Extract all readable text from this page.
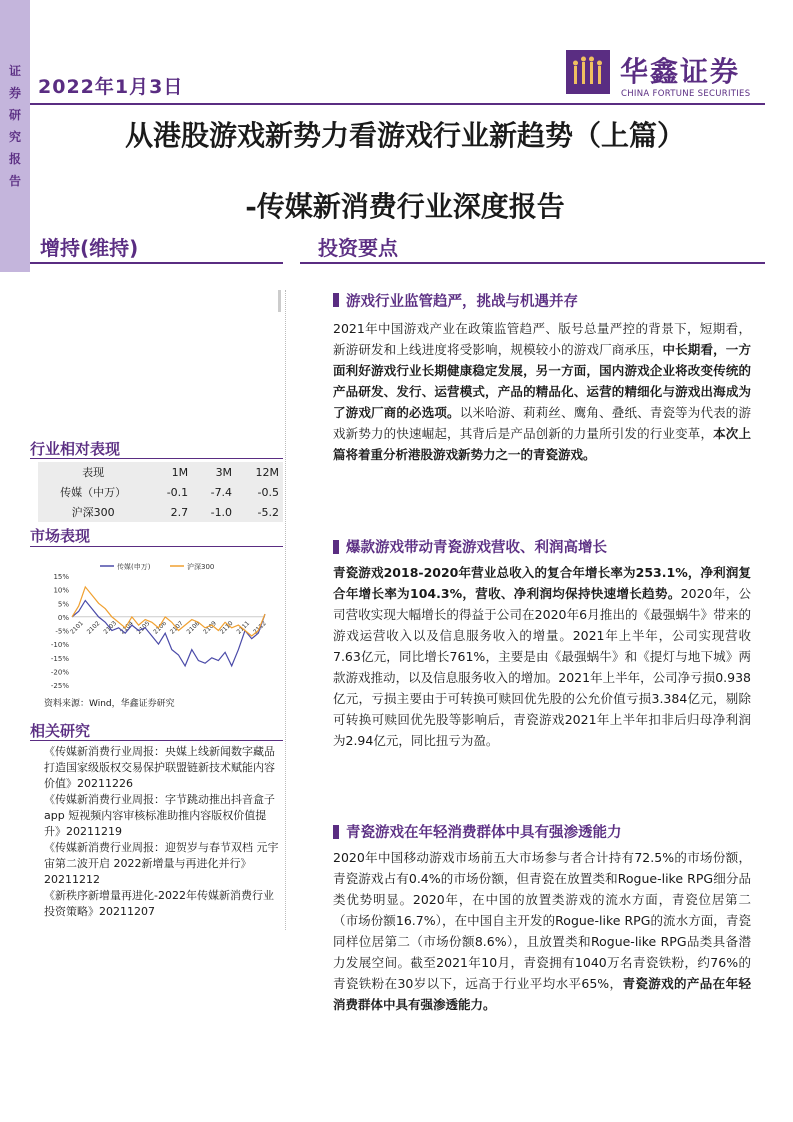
证券研究报告
2022年1月3日	华鑫证券
CHINA FORTUNE SECURITIES
从港股游戏新势力看游戏行业新趋势（上篇）
-传媒新消费行业深度报告
增持(维持)	投资要点
行业相对表现
表现	1M	3M	12M
传媒（中万）	-0.1	-7.4	-0.5
沪深300	2.7	-1.0	-5.2
市场表现
15%
10%
5%
0%
-5%
-10%
-15%
-20%
-25%
2101 2102 2103 2104 2105 2106 2107 2108 2109 2110 2111 2112
传媒(申万)	沪深300
资料来源：Wind，华鑫证券研究
相关研究
《传媒新消费行业周报：央媒上线新闻数字藏品 打造国家级版权交易保护联盟链新技术赋能内容价值》20211226
《传媒新消费行业周报：字节跳动推出抖音盒子app 短视频内容审核标准助推内容版权价值提升》20211219
《传媒新消费行业周报：迎贺岁与春节双档 元宇宙第二波开启 2022新增量与再进化并行》20211212
《新秩序新增量再进化-2022年传媒新消费行业投资策略》20211207
游戏行业监管趋严，挑战与机遇并存
2021年中国游戏产业在政策监管趋严、版号总量严控的背景下，短期看，新游研发和上线进度将受影响，规模较小的游戏厂商承压，中长期看，一方面利好游戏行业长期健康稳定发展，另一方面，国内游戏企业将改变传统的产品研发、发行、运营模式，产品的精品化、运营的精细化与游戏出海成为了游戏厂商的必选项。以米哈游、莉莉丝、鹰角、叠纸、青瓷等为代表的游戏新势力的快速崛起，其背后是产品创新的力量所引发的行业变革，本次上篇将着重分析港股游戏新势力之一的青瓷游戏。
爆款游戏带动青瓷游戏营收、利润高增长
青瓷游戏2018-2020年营业总收入的复合年增长率为253.1%，净利润复合年增长率为104.3%，营收、净利润均保持快速增长趋势。2020年，公司营收实现大幅增长的得益于公司在2020年6月推出的《最强蜗牛》带来的游戏运营收入以及信息服务收入的增量。2021年上半年，公司实现营收7.63亿元，同比增长761%，主要是由《最强蜗牛》和《提灯与地下城》两款游戏推动，以及信息服务收入的增加。2021年上半年，公司净亏损0.938亿元，亏损主要由于可转换可赎回优先股的公允价值亏损3.384亿元，剔除可转换可赎回优先股等影响后，青瓷游戏2021年上半年扣非后归母净利润为2.94亿元，同比扭亏为盈。
青瓷游戏在年轻消费群体中具有强渗透能力
2020年中国移动游戏市场前五大市场参与者合计持有72.5%的市场份额，青瓷游戏占有0.4%的市场份额，但青瓷在放置类和Rogue-like RPG细分品类优势明显。2020年，在中国的放置类游戏的流水方面，青瓷位居第二（市场份额16.7%），在中国自主开发的Rogue-like RPG的流水方面，青瓷同样位居第二（市场份额8.6%），且放置类和Rogue-like RPG品类具备潜力发展空间。截至2021年10月，青瓷拥有1040万名青瓷铁粉，约76%的青瓷铁粉在30岁以下，远高于行业平均水平65%，青瓷游戏的产品在年轻消费群体中具有强渗透能力。
